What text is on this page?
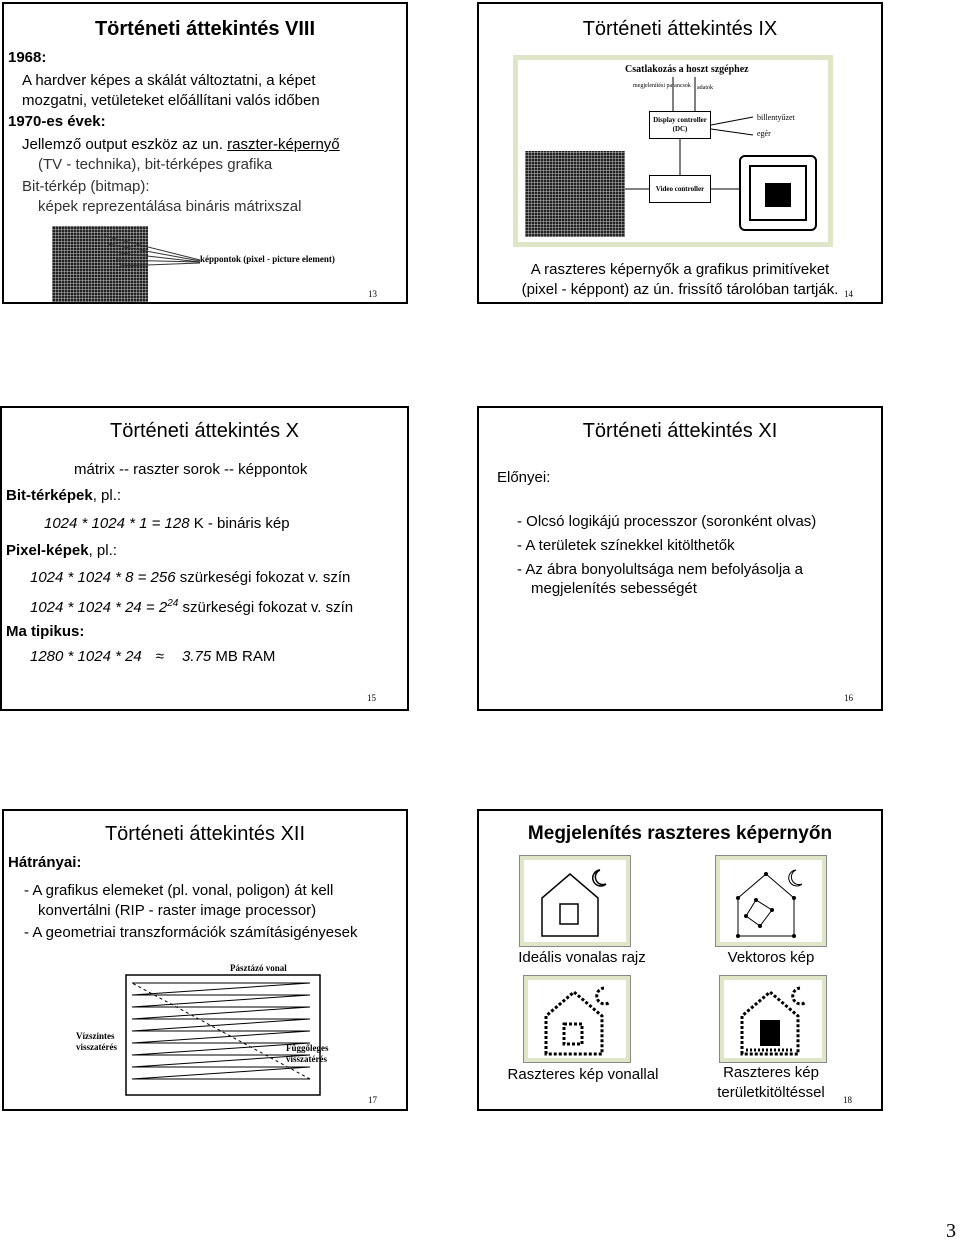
Történeti áttekintés VIII
1968:
A hardver képes a skálát változtatni, a képet
mozgatni, vetületeket előállítani valós időben
1970-es évek:
Jellemző output eszköz az un. raszter-képernyő
(TV - technika), bit-térképes grafika
Bit-térkép (bitmap):
képek reprezentálása bináris mátrixszal
képpontok (pixel - picture element)
13
Történeti áttekintés IX
Csatlakozás a hoszt szgéphez
megjelenítési parancsok	adatok
Display controller (DC)
Video controller
billentyűzet
egér
A raszteres képernyők a grafikus primitíveket
(pixel - képpont) az ún. frissítő tárolóban tartják. 14
Történeti áttekintés X
mátrix -- raszter sorok -- képpontok
Bit-térképek, pl.:
1024 * 1024 * 1 = 128 K - bináris kép
Pixel-képek, pl.:
1024 * 1024 * 8 = 256 szürkeségi fokozat v. szín
$1024 * 1024 * 24 = 2^{24}$ szürkeségi fokozat v. szín
Ma tipikus:
1280 * 1024 * 24 ≈ 3.75 MB RAM
15
Történeti áttekintés XI
Előnyei:
- Olcsó logikájú processzor (soronként olvas)
- A területek színekkel kitölthetők
- Az ábra bonyolultsága nem befolyásolja a
megjelenítés sebességét
16
Történeti áttekintés XII
Hátrányai:
- A grafikus elemeket (pl. vonal, poligon) át kell
konvertálni (RIP - raster image processor)
- A geometriai transzformációk számításigényesek
Pásztázó vonal
Vízszintes
visszatérés	Függőleges
visszatérés
17
Megjelenítés raszteres képernyőn
Ideális vonalas rajz	Vektoros kép
Raszteres kép vonallal	Raszteres kép
területkitöltéssel	18
3
